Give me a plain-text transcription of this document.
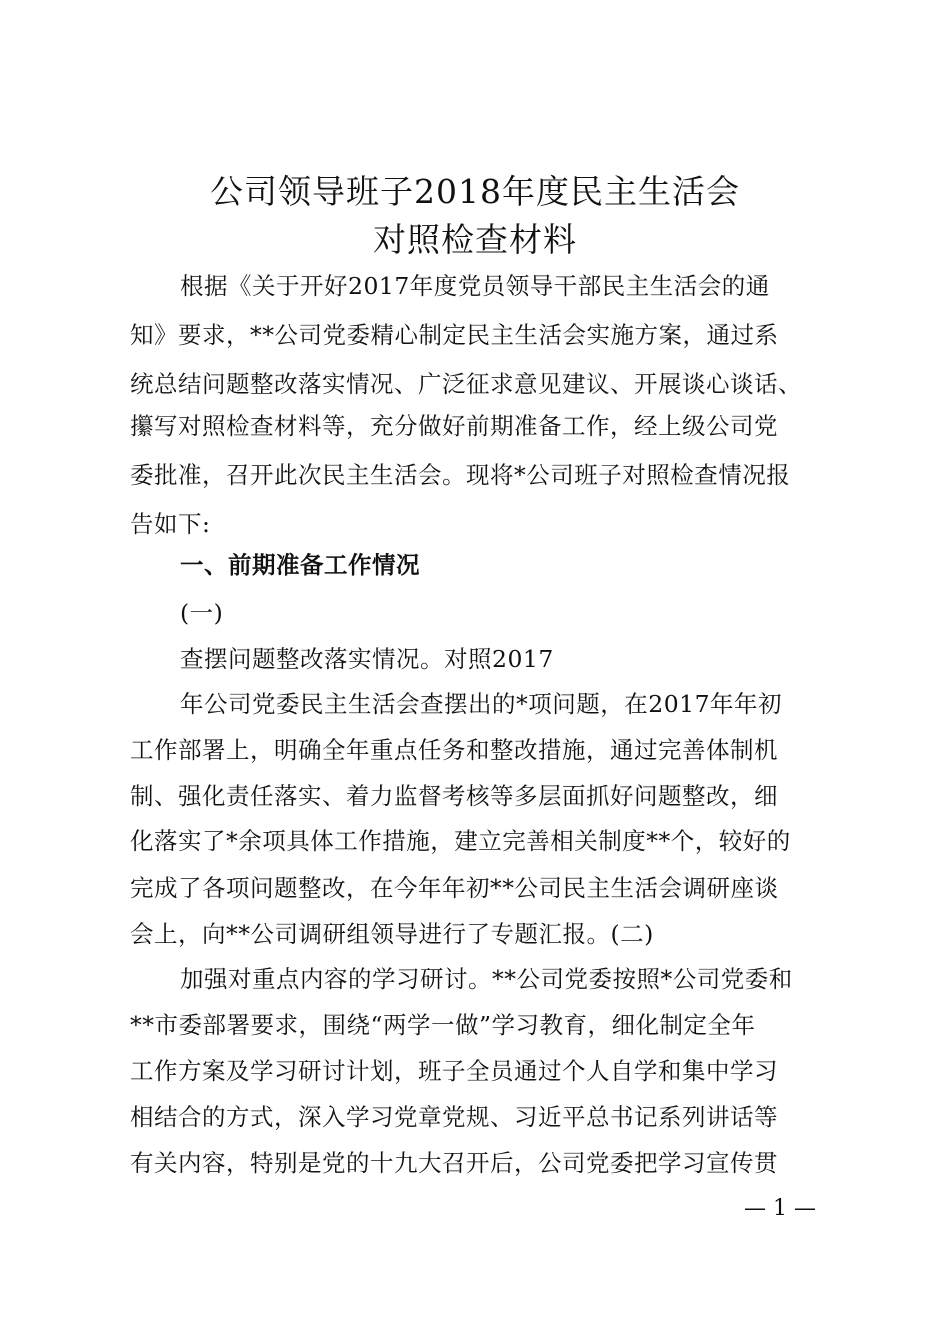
公司领导班子2018年度民主生活会
对照检查材料
根据《关于开好2017年度党员领导干部民主生活会的通
知》要求，**公司党委精心制定民主生活会实施方案，通过系
统总结问题整改落实情况、广泛征求意见建议、开展谈心谈话、
攥写对照检查材料等，充分做好前期准备工作，经上级公司党
委批准，召开此次民主生活会。现将*公司班子对照检查情况报
告如下:
一、前期准备工作情况
(一)
查摆问题整改落实情况。对照2017
年公司党委民主生活会查摆出的*项问题，在2017年年初
工作部署上，明确全年重点任务和整改措施，通过完善体制机
制、强化责任落实、着力监督考核等多层面抓好问题整改，细
化落实了*余项具体工作措施，建立完善相关制度**个，较好的
完成了各项问题整改，在今年年初**公司民主生活会调研座谈
会上，向**公司调研组领导进行了专题汇报。(二)
加强对重点内容的学习研讨。**公司党委按照*公司党委和
**市委部署要求，围绕“两学一做”学习教育，细化制定全年
工作方案及学习研讨计划，班子全员通过个人自学和集中学习
相结合的方式，深入学习党章党规、习近平总书记系列讲话等
有关内容，特别是党的十九大召开后，公司党委把学习宣传贯
— 1 —
